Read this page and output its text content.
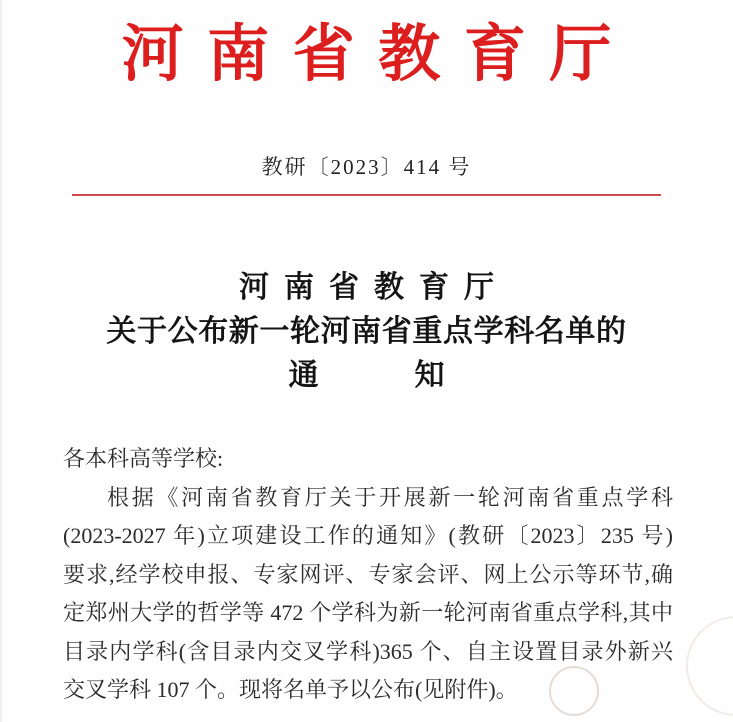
河南省教育厅
教研〔2023〕414 号
河南省教育厅
关于公布新一轮河南省重点学科名单的
通	知
各本科高等学校:
根据《河南省教育厅关于开展新一轮河南省重点学科
(2023-2027 年)立项建设工作的通知》(教研〔2023〕235 号)
要求,经学校申报、专家网评、专家会评、网上公示等环节,确
定郑州大学的哲学等 472 个学科为新一轮河南省重点学科,其中
目录内学科(含目录内交叉学科)365 个、自主设置目录外新兴
交叉学科 107 个。现将名单予以公布(见附件)。
